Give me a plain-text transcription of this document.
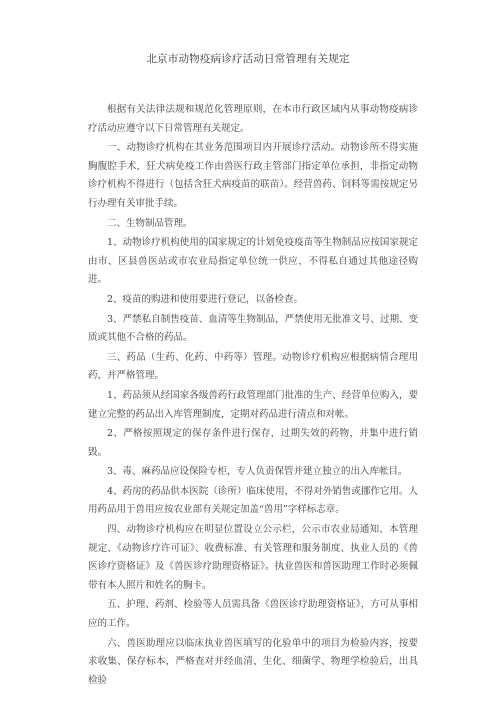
北京市动物疫病诊疗活动日常管理有关规定

根据有关法律法规和规范化管理原则，在本市行政区域内从事动物疫病诊疗活动应遵守以下日常管理有关规定。

一、动物诊疗机构在其业务范围项目内开展诊疗活动。动物诊所不得实施胸腹腔手术，狂犬病免疫工作由兽医行政主管部门指定单位承担，非指定动物诊疗机构不得进行（包括含狂犬病疫苗的联苗）。经营兽药、饲料等需按规定另行办理有关审批手续。

二、生物制品管理。

1、动物诊疗机构使用的国家规定的计划免疫疫苗等生物制品应按国家规定由市、区县兽医站或市农业局指定单位统一供应，不得私自通过其他途径购进。

2、疫苗的购进和使用要进行登记，以备检查。

3、严禁私自制售疫苗、血清等生物制品，严禁使用无批准文号、过期、变质或其他不合格的药品。

三、药品（生药、化药、中药等）管理。动物诊疗机构应根据病情合理用药，并严格管理。

1、药品须从经国家各级兽药行政管理部门批准的生产、经营单位购入，要建立完整的药品出入库管理制度，定期对药品进行清点和对帐。

2、严格按照规定的保存条件进行保存，过期失效的药物，并集中进行销毁。

3、毒、麻药品应设保险专柜，专人负责保管并建立独立的出入库帐目。

4、药房的药品供本医院（诊所）临床使用，不得对外销售或挪作它用。人用药品用于兽用应按农业部有关规定加盖“兽用”字样标志章。

四、动物诊疗机构应在明显位置设立公示栏，公示市农业局通知、本管理规定、《动物诊疗许可证》、收费标准、有关管理和服务制度、执业人员的《兽医诊疗资格证》及《兽医诊疗助理资格证》。执业兽医和兽医助理工作时必须佩带有本人照片和姓名的胸卡。

五、护理、药剂、检验等人员需具备《兽医诊疗助理资格证》，方可从事相应的工作。

六、兽医助理应以临床执业兽医填写的化验单中的项目为检验内容，按要求收集、保存标本，严格查对并经血清、生化、细菌学、物理学检验后，出具检验
